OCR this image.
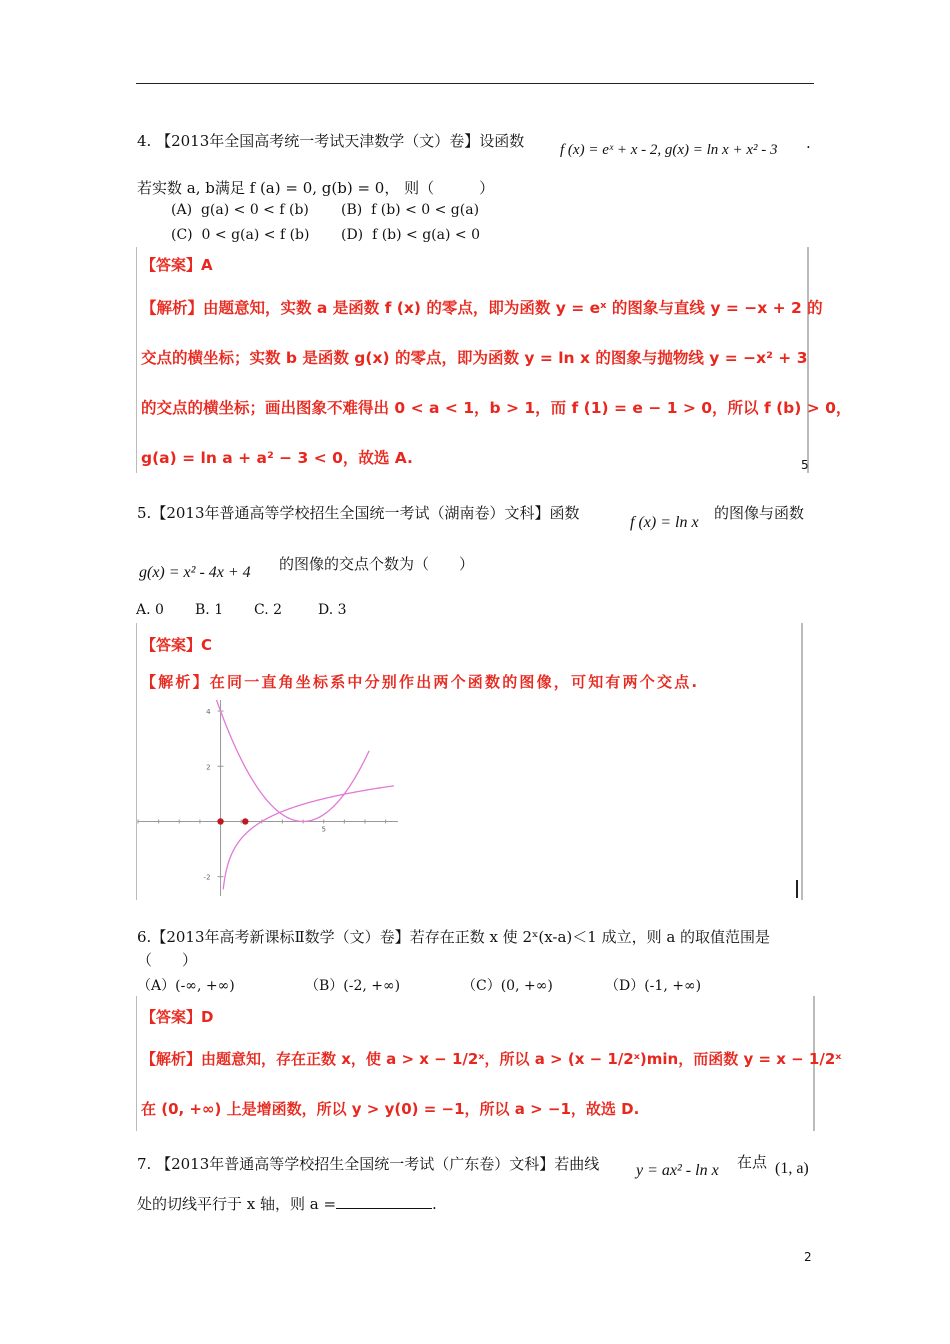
4. 【2013年全国高考统一考试天津数学（文）卷】设函数 f (x) = eˣ + x - 2, g(x) = ln x + x² - 3 .
若实数 a, b满足 f (a) = 0, g(b) = 0， 则（　　　）
(A) g(a) < 0 < f (b) (B) f (b) < 0 < g(a)
(C) 0 < g(a) < f (b) (D) f (b) < g(a) < 0
【答案】A
【解析】由题意知，实数 a 是函数 f (x) 的零点，即为函数 y = eˣ 的图象与直线 y = −x + 2 的
交点的横坐标；实数 b 是函数 g(x) 的零点，即为函数 y = ln x 的图象与抛物线 y = −x² + 3
的交点的横坐标；画出图象不难得出 0 < a < 1，b > 1，而 f (1) = e − 1 > 0，所以 f (b) > 0，
g(a) = ln a + a² − 3 < 0，故选 A.	5
5.【2013年普通高等学校招生全国统一考试（湖南卷）文科】函数
f (x) = ln x
的图像与函数
g(x) = x² - 4x + 4 的图像的交点个数为（　　）
A. 0 B. 1 C. 2	D. 3
【答案】C
【解析】在同一直角坐标系中分别作出两个函数的图像，可知有两个交点.
4
2
-2
5
6.【2013年高考新课标Ⅱ数学（文）卷】若存在正数 x 使 2ˣ(x-a)＜1 成立，则 a 的取值范围是
（　　）
（A）(-∞, +∞)	（B）(-2, +∞)	（C）(0, +∞)	（D）(-1, +∞)
【答案】D
【解析】由题意知，存在正数 x，使 a > x − 1/2ˣ，所以 a > (x − 1/2ˣ)min，而函数 y = x − 1/2ˣ
在 (0, +∞) 上是增函数，所以 y > y(0) = −1，所以 a > −1，故选 D.
7. 【2013年普通高等学校招生全国统一考试（广东卷）文科】若曲线 y = ax² - ln x 在点 (1, a)
处的切线平行于 x 轴，则 a =	.
2
